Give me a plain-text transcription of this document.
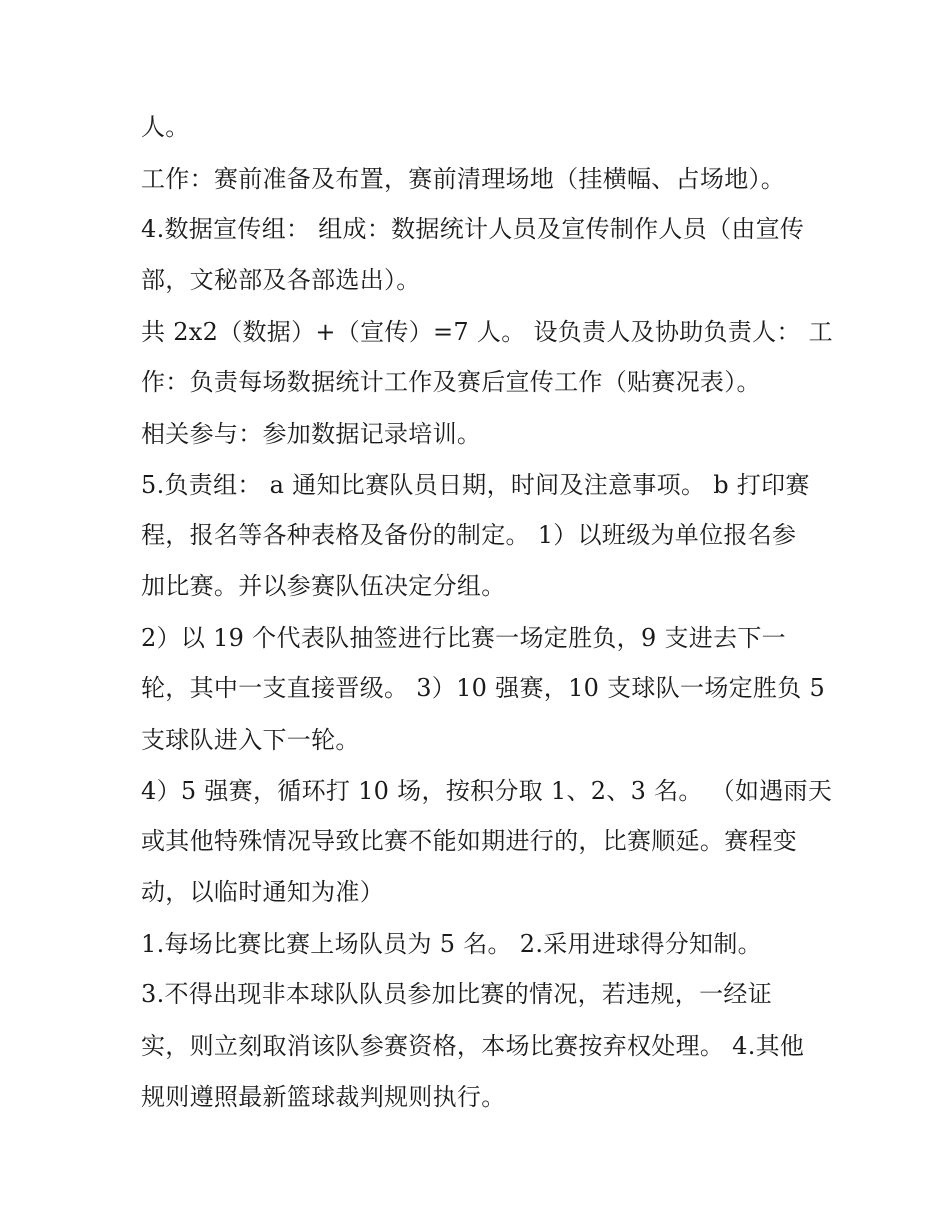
人。
工作：赛前准备及布置，赛前清理场地（挂横幅、占场地）。
4.数据宣传组： 组成：数据统计人员及宣传制作人员（由宣传
部，文秘部及各部选出）。
共 2x2（数据）+（宣传）=7 人。 设负责人及协助负责人： 工
作：负责每场数据统计工作及赛后宣传工作（贴赛况表）。
相关参与：参加数据记录培训。
5.负责组： a 通知比赛队员日期，时间及注意事项。 b 打印赛
程，报名等各种表格及备份的制定。 1）以班级为单位报名参
加比赛。并以参赛队伍决定分组。
2）以 19 个代表队抽签进行比赛一场定胜负，9 支进去下一
轮，其中一支直接晋级。 3）10 强赛，10 支球队一场定胜负 5
支球队进入下一轮。
4）5 强赛，循环打 10 场，按积分取 1、2、3 名。 （如遇雨天
或其他特殊情况导致比赛不能如期进行的，比赛顺延。赛程变
动，以临时通知为准）
1.每场比赛比赛上场队员为 5 名。 2.采用进球得分知制。
3.不得出现非本球队队员参加比赛的情况，若违规，一经证
实，则立刻取消该队参赛资格，本场比赛按弃权处理。 4.其他
规则遵照最新篮球裁判规则执行。
